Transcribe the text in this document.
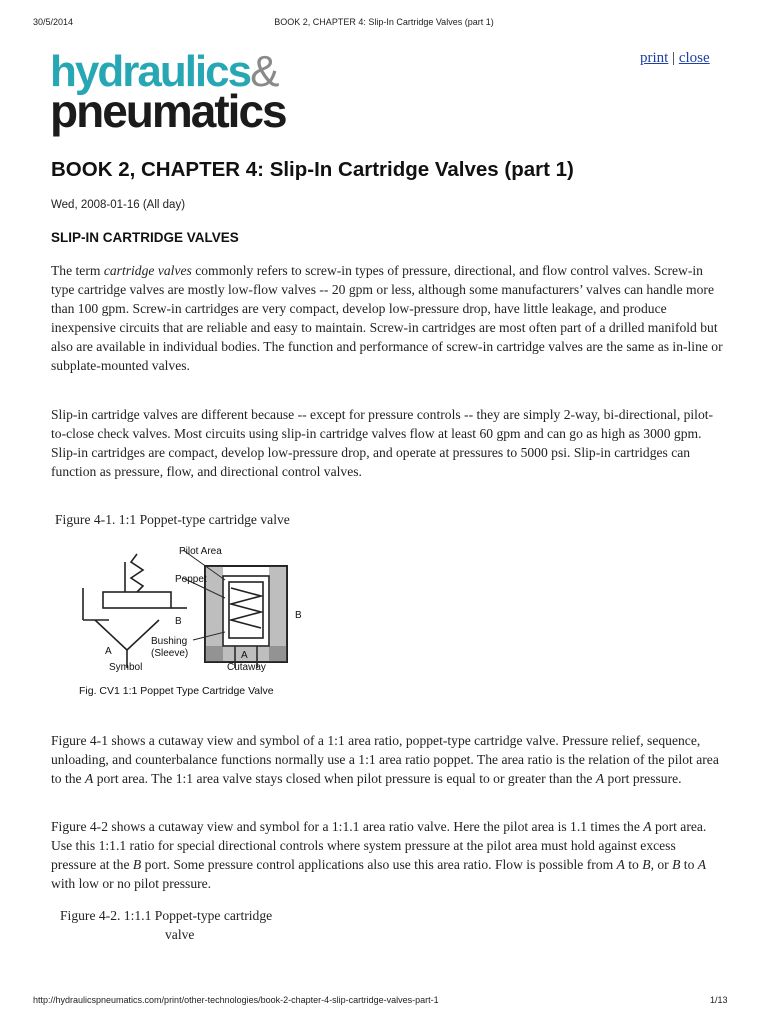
30/5/2014	BOOK 2, CHAPTER 4: Slip-In Cartridge Valves (part 1)
hydraulics&
pneumatics
print | close
BOOK 2, CHAPTER 4: Slip-In Cartridge Valves (part 1)
Wed, 2008-01-16 (All day)
SLIP-IN CARTRIDGE VALVES
The term cartridge valves commonly refers to screw-in types of pressure, directional, and flow control valves. Screw-in type cartridge valves are mostly low-flow valves -- 20 gpm or less, although some manufacturers’ valves can handle more than 100 gpm. Screw-in cartridges are very compact, develop low-pressure drop, have little leakage, and produce inexpensive circuits that are reliable and easy to maintain. Screw-in cartridges are most often part of a drilled manifold but also are available in individual bodies. The function and performance of screw-in cartridge valves are the same as in-line or subplate-mounted valves.
Slip-in cartridge valves are different because -- except for pressure controls -- they are simply 2-way, bi-directional, pilot-to-close check valves. Most circuits using slip-in cartridge valves flow at least 60 gpm and can go as high as 3000 gpm. Slip-in cartridges are compact, develop low-pressure drop, and operate at pressures to 5000 psi. Slip-in cartridges can function as pressure, flow, and directional control valves.
Figure 4-1. 1:1 Poppet-type cartridge valve
Pilot Area
Poppet
B
B
Bushing
(Sleeve)
A	A
Symbol	Cutaway
Fig. CV1 1:1 Poppet Type Cartridge Valve
Figure 4-1 shows a cutaway view and symbol of a 1:1 area ratio, poppet-type cartridge valve. Pressure relief, sequence, unloading, and counterbalance functions normally use a 1:1 area ratio poppet. The area ratio is the relation of the pilot area to the A port area. The 1:1 area valve stays closed when pilot pressure is equal to or greater than the A port pressure.
Figure 4-2 shows a cutaway view and symbol for a 1:1.1 area ratio valve. Here the pilot area is 1.1 times the A port area. Use this 1:1.1 ratio for special directional controls where system pressure at the pilot area must hold against excess pressure at the B port. Some pressure control applications also use this area ratio. Flow is possible from A to B, or B to A with low or no pilot pressure.
Figure 4-2. 1:1.1 Poppet-type cartridge
valve
http://hydraulicspneumatics.com/print/other-technologies/book-2-chapter-4-slip-cartridge-valves-part-1	1/13
